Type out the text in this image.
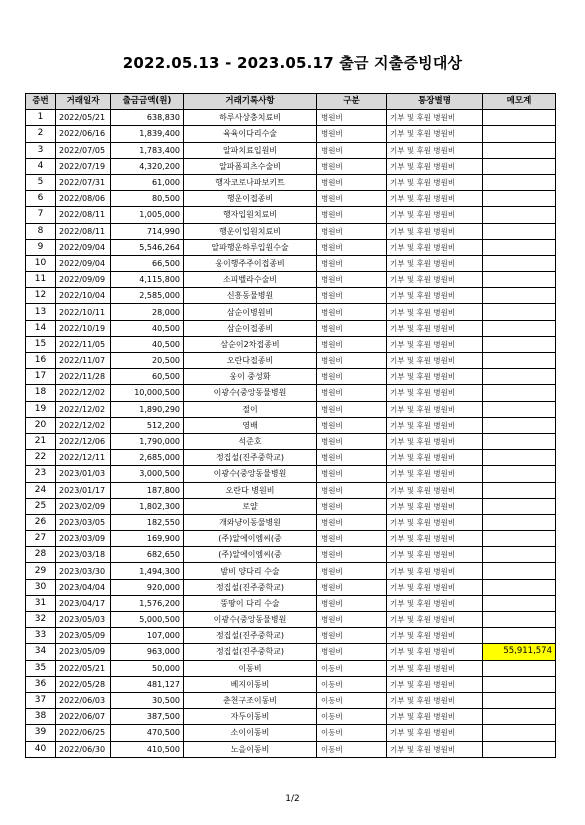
2022.05.13 - 2023.05.17 출금 지출증빙대상
증번	거래일자	출금금액(원)	거래기록사항	구분	통장별명	메모계
1	2022/05/21	638,830	하루사상충치료비	병원비	기부 및 후원 병원비	
2	2022/06/16	1,839,400	육육이다리수술	병원비	기부 및 후원 병원비	
3	2022/07/05	1,783,400	알파치료입원비	병원비	기부 및 후원 병원비	
4	2022/07/19	4,320,200	알파폼피츠수술비	병원비	기부 및 후원 병원비	
5	2022/07/31	61,000	행자코로나파보키트	병원비	기부 및 후원 병원비	
6	2022/08/06	80,500	행운이접종비	병원비	기부 및 후원 병원비	
7	2022/08/11	1,005,000	행자입원치료비	병원비	기부 및 후원 병원비	
8	2022/08/11	714,990	행운이입원치료비	병원비	기부 및 후원 병원비	
9	2022/09/04	5,546,264	알파행운하루입원수술	병원비	기부 및 후원 병원비	
10	2022/09/04	66,500	웅이행주주이접종비	병원비	기부 및 후원 병원비	
11	2022/09/09	4,115,800	소피벨라수술비	병원비	기부 및 후원 병원비	
12	2022/10/04	2,585,000	신흥동물병원	병원비	기부 및 후원 병원비	
13	2022/10/11	28,000	삼순이병원비	병원비	기부 및 후원 병원비	
14	2022/10/19	40,500	삼순이접종비	병원비	기부 및 후원 병원비	
15	2022/11/05	40,500	삼순이2차접종비	병원비	기부 및 후원 병원비	
16	2022/11/07	20,500	오란다접종비	병원비	기부 및 후원 병원비	
17	2022/11/28	60,500	웅이 중성화	병원비	기부 및 후원 병원비	
18	2022/12/02	10,000,500	이광수(중앙동물병원	병원비	기부 및 후원 병원비	
19	2022/12/02	1,890,290	절이	병원비	기부 및 후원 병원비	
20	2022/12/02	512,200	영배	병원비	기부 및 후원 병원비	
21	2022/12/06	1,790,000	석준호	병원비	기부 및 후원 병원비	
22	2022/12/11	2,685,000	정집설(진주중학교)	병원비	기부 및 후원 병원비	
23	2023/01/03	3,000,500	이광수(중앙동물병원	병원비	기부 및 후원 병원비	
24	2023/01/17	187,800	오란다 병원비	병원비	기부 및 후원 병원비	
25	2023/02/09	1,802,300	로얄	병원비	기부 및 후원 병원비	
26	2023/03/05	182,550	개와냥이동물병원	병원비	기부 및 후원 병원비	
27	2023/03/09	169,900	(주)알에이엠씨(중	병원비	기부 및 후원 병원비	
28	2023/03/18	682,650	(주)알에이엠씨(중	병원비	기부 및 후원 병원비	
29	2023/03/30	1,494,300	밤비 양다리 수술	병원비	기부 및 후원 병원비	
30	2023/04/04	920,000	정집설(진주중학교)	병원비	기부 및 후원 병원비	
31	2023/04/17	1,576,200	뚱땅이 다리 수술	병원비	기부 및 후원 병원비	
32	2023/05/03	5,000,500	이광수(중앙동물병원	병원비	기부 및 후원 병원비	
33	2023/05/09	107,000	정집설(진주중학교)	병원비	기부 및 후원 병원비	
34	2023/05/09	963,000	정집설(진주중학교)	병원비	기부 및 후원 병원비	55,911,574
35	2022/05/21	50,000	이동비	이동비	기부 및 후원 병원비	
36	2022/05/28	481,127	베지이동비	이동비	기부 및 후원 병원비	
37	2022/06/03	30,500	춘천구조이동비	이동비	기부 및 후원 병원비	
38	2022/06/07	387,500	자두이동비	이동비	기부 및 후원 병원비	
39	2022/06/25	470,500	소이이동비	이동비	기부 및 후원 병원비	
40	2022/06/30	410,500	노을이동비	이동비	기부 및 후원 병원비	
1/2
